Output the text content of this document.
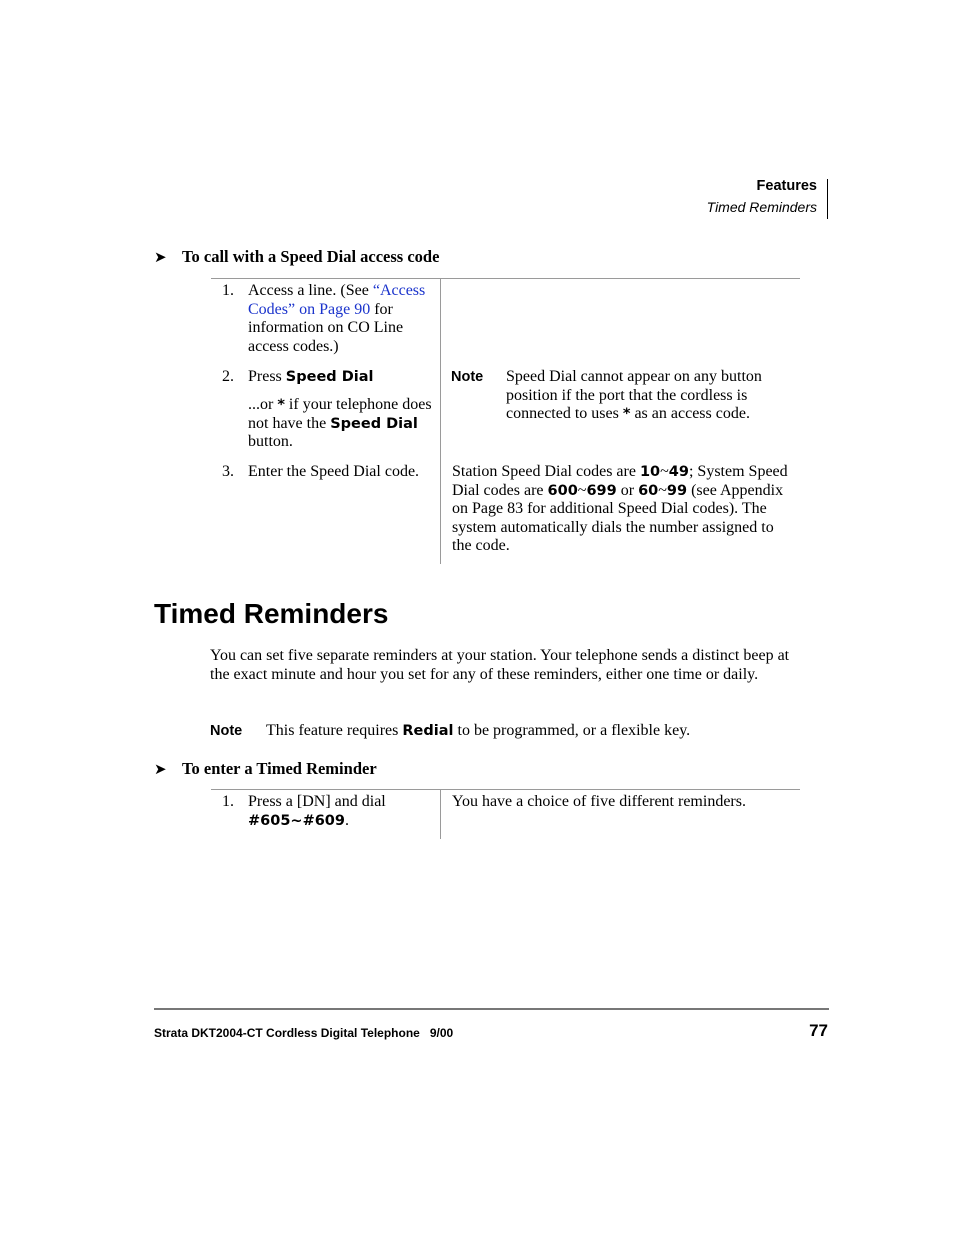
Features
Timed Reminders
➤ To call with a Speed Dial access code
1. Access a line. (See “Access Codes” on Page 90 for information on CO Line access codes.)
2. Press Speed Dial
...or * if your telephone does not have the Speed Dial button.
Note Speed Dial cannot appear on any button position if the port that the cordless is connected to uses * as an access code.
3. Enter the Speed Dial code.	Station Speed Dial codes are 10~49; System Speed Dial codes are 600~699 or 60~99 (see Appendix on Page 83 for additional Speed Dial codes). The system automatically dials the number assigned to the code.
Timed Reminders
You can set five separate reminders at your station. Your telephone sends a distinct beep at the exact minute and hour you set for any of these reminders, either one time or daily.
Note This feature requires Redial to be programmed, or a flexible key.
➤ To enter a Timed Reminder
1. Press a [DN] and dial
#605~#609.
You have a choice of five different reminders.
Strata DKT2004-CT Cordless Digital Telephone   9/00	77
